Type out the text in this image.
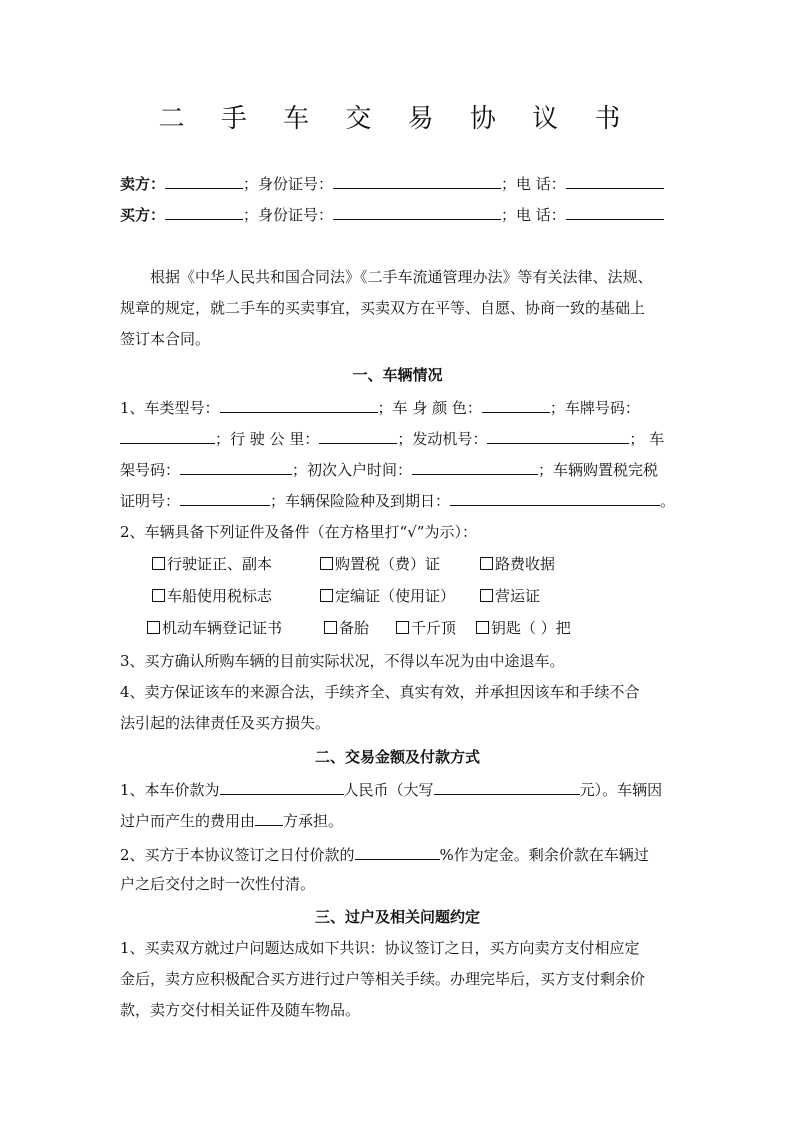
二 手 车 交 易 协 议 书
卖方：	；身份证号：	；电 话：
买方：	；身份证号：	；电 话：
根据《中华人民共和国合同法》《二手车流通管理办法》等有关法律、法规、
规章的规定，就二手车的买卖事宜，买卖双方在平等、自愿、协商一致的基础上
签订本合同。
一、车辆情况
1、车类型号：	；车 身 颜 色：	；车牌号码：
；行 驶 公 里：	；发动机号：	； 车
架号码：	；初次入户时间：	；车辆购置税完税
证明号：	；车辆保险险种及到期日：	。
2、车辆具备下列证件及备件（在方格里打“√”为示）：
行驶证正、副本	购置税（费）证	路费收据
车船使用税标志	定编证（使用证）	营运证
机动车辆登记证书	备胎	千斤顶 钥匙（ ）把
3、买方确认所购车辆的目前实际状况，不得以车况为由中途退车。
4、卖方保证该车的来源合法，手续齐全、真实有效，并承担因该车和手续不合
法引起的法律责任及买方损失。
二、交易金额及付款方式
1、本车价款为	人民币（大写	元）。车辆因
过户而产生的费用由 方承担。
2、买方于本协议签订之日付价款的	%作为定金。剩余价款在车辆过
户之后交付之时一次性付清。
三、过户及相关问题约定
1、买卖双方就过户问题达成如下共识：协议签订之日，买方向卖方支付相应定
金后，卖方应积极配合买方进行过户等相关手续。办理完毕后，买方支付剩余价
款，卖方交付相关证件及随车物品。
